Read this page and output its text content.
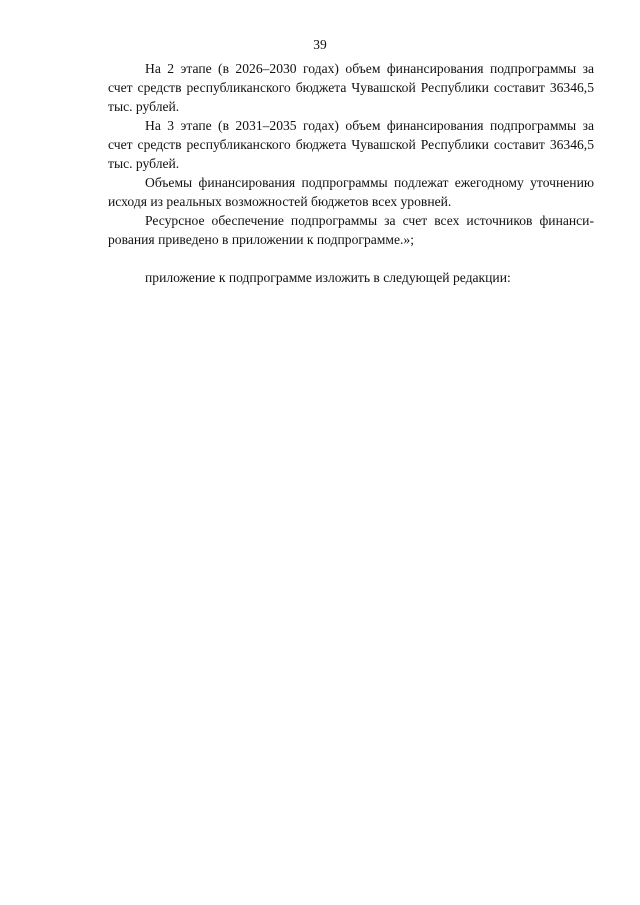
39

На 2 этапе (в 2026–2030 годах) объем финансирования подпрограммы за счет средств республиканского бюджета Чувашской Республики составит 36346,5 тыс. рублей.

На 3 этапе (в 2031–2035 годах) объем финансирования подпрограммы за счет средств республиканского бюджета Чувашской Республики составит 36346,5 тыс. рублей.

Объемы финансирования подпрограммы подлежат ежегодному уточнению исходя из реальных возможностей бюджетов всех уровней.

Ресурсное обеспечение подпрограммы за счет всех источников финансирования приведено в приложении к подпрограмме.»;

приложение к подпрограмме изложить в следующей редакции:
